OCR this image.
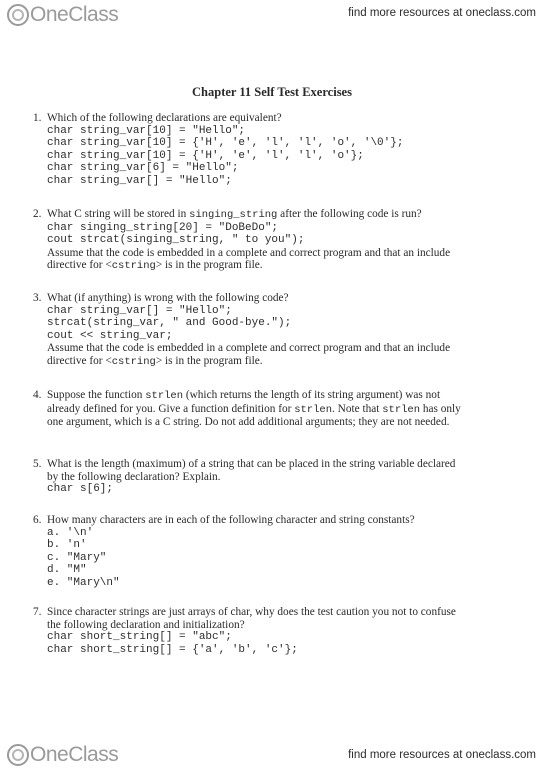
OneClass	find more resources at oneclass.com
Chapter 11 Self Test Exercises
1. Which of the following declarations are equivalent?
char string_var[10] = "Hello";
char string_var[10] = {'H', 'e', 'l', 'l', 'o', '\0'};
char string_var[10] = {'H', 'e', 'l', 'l', 'o'};
char string_var[6] = "Hello";
char string_var[] = "Hello";
2. What C string will be stored in singing_string after the following code is run?
char singing_string[20] = "DoBeDo";
cout strcat(singing_string, " to you");
Assume that the code is embedded in a complete and correct program and that an include directive for <cstring> is in the program file.
3. What (if anything) is wrong with the following code?
char string_var[] = "Hello";
strcat(string_var, " and Good-bye.");
cout << string_var;
Assume that the code is embedded in a complete and correct program and that an include directive for <cstring> is in the program file.
4. Suppose the function strlen (which returns the length of its string argument) was not already defined for you. Give a function definition for strlen. Note that strlen has only one argument, which is a C string. Do not add additional arguments; they are not needed.
5. What is the length (maximum) of a string that can be placed in the string variable declared by the following declaration? Explain.
char s[6];
6. How many characters are in each of the following character and string constants?
a. '\n'
b. 'n'
c. "Mary"
d. "M"
e. "Mary\n"
7. Since character strings are just arrays of char, why does the test caution you not to confuse the following declaration and initialization?
char short_string[] = "abc";
char short_string[] = {'a', 'b', 'c'};
OneClass	find more resources at oneclass.com
